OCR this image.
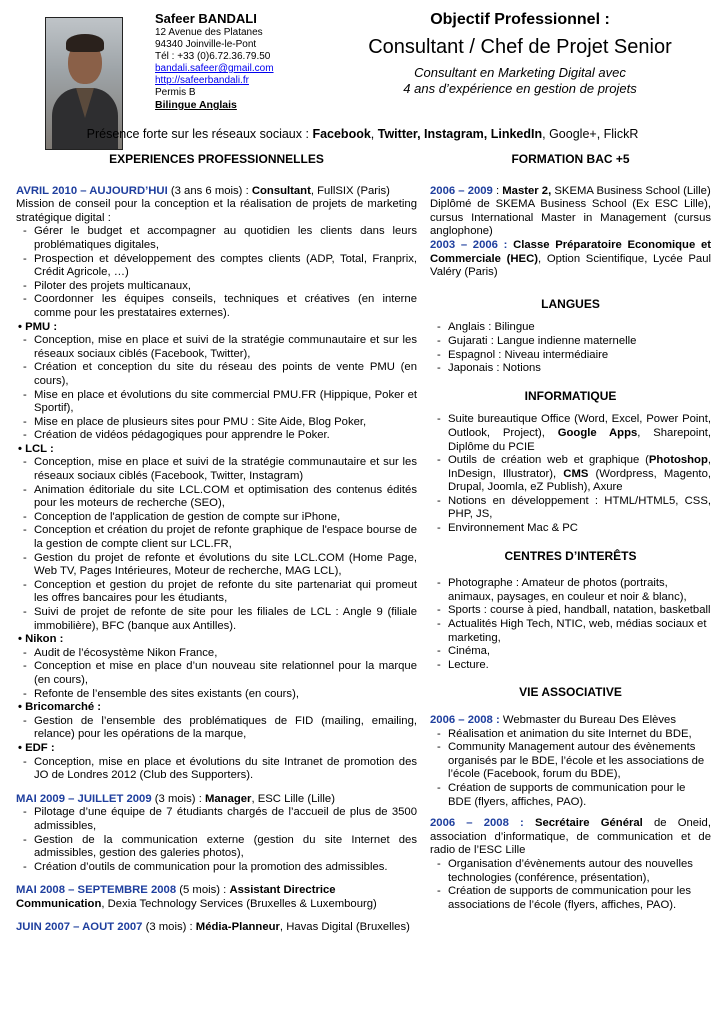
Safeer BANDALI
12 Avenue des Platanes
94340 Joinville-le-Pont
Tél : +33 (0)6.72.36.79.50
bandali.safeer@gmail.com
http://safeerbandali.fr
Permis B
Bilingue Anglais
Objectif Professionnel :
Consultant / Chef de Projet Senior
Consultant en Marketing Digital avec
4 ans d’expérience en gestion de projets
Présence forte sur les réseaux sociaux : Facebook, Twitter, Instagram, LinkedIn, Google+, FlickR
EXPERIENCES PROFESSIONNELLES

AVRIL 2010 – AUJOURD’HUI (3 ans 6 mois) : Consultant, FullSIX (Paris)

Mission de conseil pour la conception et la réalisation de projets de marketing stratégique digital :

- Gérer le budget et accompagner au quotidien les clients dans leurs problématiques digitales,
- Prospection et développement des comptes clients (ADP, Total, Franprix, Crédit Agricole, …)
- Piloter des projets multicanaux,
- Coordonner les équipes conseils, techniques et créatives (en interne comme pour les prestataires externes).
• PMU :
- Conception, mise en place et suivi de la stratégie communautaire et sur les réseaux sociaux ciblés (Facebook, Twitter),
- Création et conception du site du réseau des points de vente PMU (en cours),
- Mise en place et évolutions du site commercial PMU.FR (Hippique, Poker et Sportif),
- Mise en place de plusieurs sites pour PMU : Site Aide, Blog Poker,
- Création de vidéos pédagogiques pour apprendre le Poker.
• LCL :
- Conception, mise en place et suivi de la stratégie communautaire et sur les réseaux sociaux ciblés (Facebook, Twitter, Instagram)
- Animation éditoriale du site LCL.COM et optimisation des contenus édités pour les moteurs de recherche (SEO),
- Conception de l'application de gestion de compte sur iPhone,
- Conception et création du projet de refonte graphique de l'espace bourse de la gestion de compte client sur LCL.FR,
- Gestion du projet de refonte et évolutions du site LCL.COM (Home Page, Web TV, Pages Intérieures, Moteur de recherche, MAG LCL),
- Conception et gestion du projet de refonte du site partenariat qui promeut les offres bancaires pour les étudiants,
- Suivi de projet de refonte de site pour les filiales de LCL : Angle 9 (filiale immobilière), BFC (banque aux Antilles).
• Nikon :
- Audit de l’écosystème Nikon France,
- Conception et mise en place d’un nouveau site relationnel pour la marque (en cours),
- Refonte de l’ensemble des sites existants (en cours),
• Bricomarché :
- Gestion de l’ensemble des problématiques de FID (mailing, emailing, relance) pour les opérations de la marque,
• EDF :
- Conception, mise en place et évolutions du site Intranet de promotion des JO de Londres 2012 (Club des Supporters).

MAI 2009 – JUILLET 2009 (3 mois) : Manager, ESC Lille (Lille)

- Pilotage d’une équipe de 7 étudiants chargés de l’accueil de plus de 3500 admissibles,
- Gestion de la communication externe (gestion du site Internet des admissibles, gestion des galeries photos),
- Création d’outils de communication pour la promotion des admissibles.

MAI 2008 – SEPTEMBRE 2008 (5 mois) : Assistant Directrice Communication, Dexia Technology Services (Bruxelles & Luxembourg)

JUIN 2007 – AOUT 2007 (3 mois) : Média-Planneur, Havas Digital (Bruxelles)

FORMATION BAC +5

2006 – 2009 : Master 2, SKEMA Business School (Lille)

Diplômé de SKEMA Business School (Ex ESC Lille), cursus International Master in Management (cursus anglophone)

2003 – 2006 : Classe Préparatoire Economique et Commerciale (HEC), Option Scientifique, Lycée Paul Valéry (Paris)

LANGUES
- Anglais : Bilingue
- Gujarati : Langue indienne maternelle
- Espagnol : Niveau intermédiaire
- Japonais : Notions
INFORMATIQUE
- Suite bureautique Office (Word, Excel, Power Point, Outlook, Project), Google Apps, Sharepoint, Diplôme du PCIE
- Outils de création web et graphique (Photoshop, InDesign, Illustrator), CMS (Wordpress, Magento, Drupal, Joomla, eZ Publish), Axure
- Notions en développement : HTML/HTML5, CSS, PHP, JS,
- Environnement Mac & PC
CENTRES D’INTERÊTS
- Photographe : Amateur de photos (portraits, animaux, paysages, en couleur et noir & blanc),
- Sports : course à pied, handball, natation, basketball
- Actualités High Tech, NTIC, web, médias sociaux et marketing,
- Cinéma,
- Lecture.
VIE ASSOCIATIVE

2006 – 2008 : Webmaster du Bureau Des Elèves

- Réalisation et animation du site Internet du BDE,
- Community Management autour des évènements organisés par le BDE, l’école et les associations de l’école (Facebook, forum du BDE),
- Création de supports de communication pour le BDE (flyers, affiches, PAO).

2006 – 2008 : Secrétaire Général de Oneid, association d’informatique, de communication et de radio de l’ESC Lille

- Organisation d’évènements autour des nouvelles technologies (conférence, présentation),
- Création de supports de communication pour les associations de l’école (flyers, affiches, PAO).
